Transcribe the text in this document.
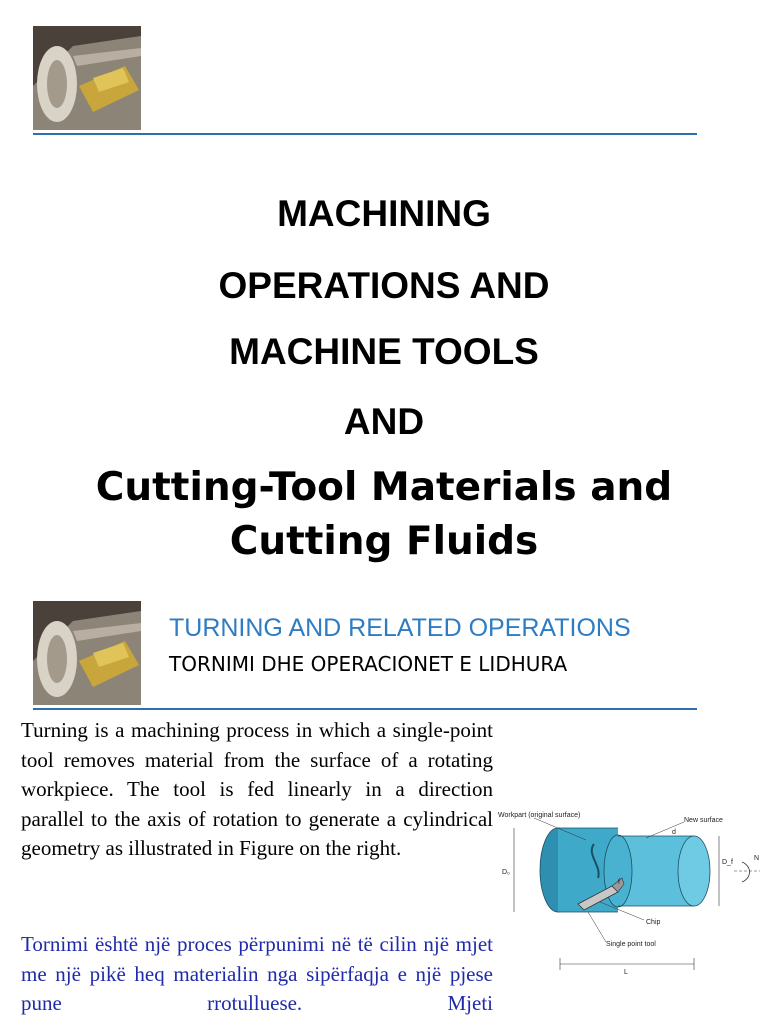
MACHINING
OPERATIONS AND
MACHINE TOOLS
AND
Cutting-Tool Materials and
Cutting Fluids
TURNING AND RELATED OPERATIONS
TORNIMI DHE OPERACIONET E LIDHURA
Turning is a machining process in which a single-point tool removes material from the surface of a rotating workpiece. The tool is fed linearly in a direction parallel to the axis of rotation to generate a cylindrical geometry as illustrated in Figure on the right.
Tornimi është një proces përpunimi në të cilin një mjet me një pikë heq materialin nga sipërfaqja e një pjese pune rrotulluese. Mjeti
Workpart (original surface)
New surface
d
D₀
D_f
N
f
Chip
Single point tool
L
